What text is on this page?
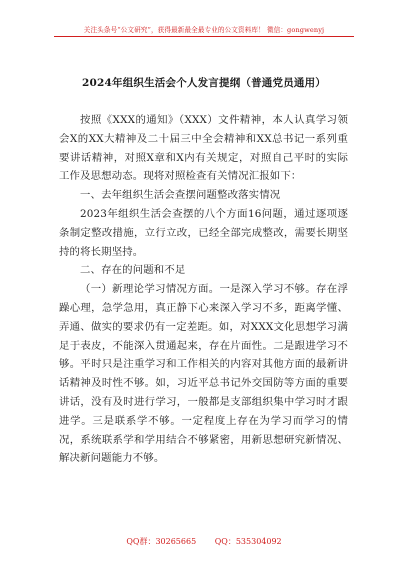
关注头条号“公文研究”，获得最新最全最专业的公文资料库！ 微信：gongwenyj
2024年组织生活会个人发言提纲（普通党员通用）

按照《XXX的通知》（XXX）文件精神，本人认真学习领会X的XX大精神及二十届三中全会精神和XX总书记一系列重要讲话精神，对照X章和X内有关规定，对照自己平时的实际工作及思想动态。现将对照检查有关情况汇报如下：

一、去年组织生活会查摆问题整改落实情况

2023年组织生活会查摆的八个方面16问题，通过逐项逐条制定整改措施，立行立改，已经全部完成整改，需要长期坚持的将长期坚持。

二、存在的问题和不足

（一）新理论学习情况方面。一是深入学习不够。存在浮躁心理，急学急用，真正静下心来深入学习不多，距离学懂、弄通、做实的要求仍有一定差距。如，对XXX文化思想学习满足于表皮，不能深入贯通起来，存在片面性。二是跟进学习不够。平时只是注重学习和工作相关的内容对其他方面的最新讲话精神及时性不够。如，习近平总书记外交国防等方面的重要讲话，没有及时进行学习，一般都是支部组织集中学习时才跟进学。三是联系学不够。一定程度上存在为学习而学习的情况，系统联系学和学用结合不够紧密，用新思想研究新情况、解决新问题能力不够。

QQ群：30265665 QQ：535304092
